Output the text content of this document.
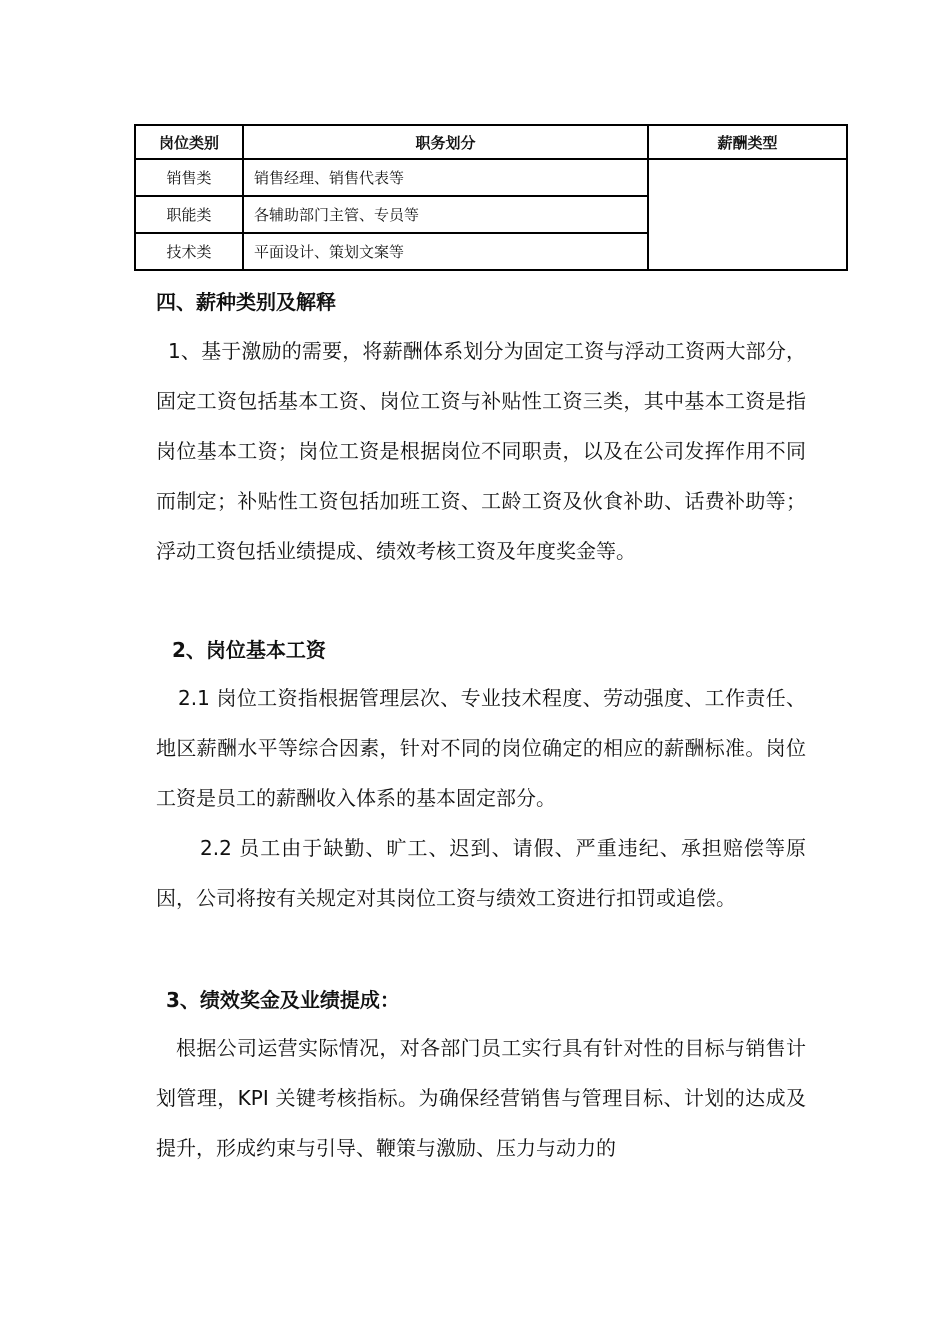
岗位类别	职务划分	薪酬类型
销售类	销售经理、销售代表等	
职能类	各辅助部门主管、专员等	
技术类	平面设计、策划文案等	
四、薪种类别及解释

1、基于激励的需要，将薪酬体系划分为固定工资与浮动工资两大部分，固定工资包括基本工资、岗位工资与补贴性工资三类，其中基本工资是指岗位基本工资；岗位工资是根据岗位不同职责，以及在公司发挥作用不同而制定；补贴性工资包括加班工资、工龄工资及伙食补助、话费补助等；浮动工资包括业绩提成、绩效考核工资及年度奖金等。

2、岗位基本工资

2.1 岗位工资指根据管理层次、专业技术程度、劳动强度、工作责任、地区薪酬水平等综合因素，针对不同的岗位确定的相应的薪酬标准。岗位工资是员工的薪酬收入体系的基本固定部分。

2.2 员工由于缺勤、旷工、迟到、请假、严重违纪、承担赔偿等原因，公司将按有关规定对其岗位工资与绩效工资进行扣罚或追偿。

3、绩效奖金及业绩提成：

根据公司运营实际情况，对各部门员工实行具有针对性的目标与销售计划管理，KPI 关键考核指标。为确保经营销售与管理目标、计划的达成及提升，形成约束与引导、鞭策与激励、压力与动力的
